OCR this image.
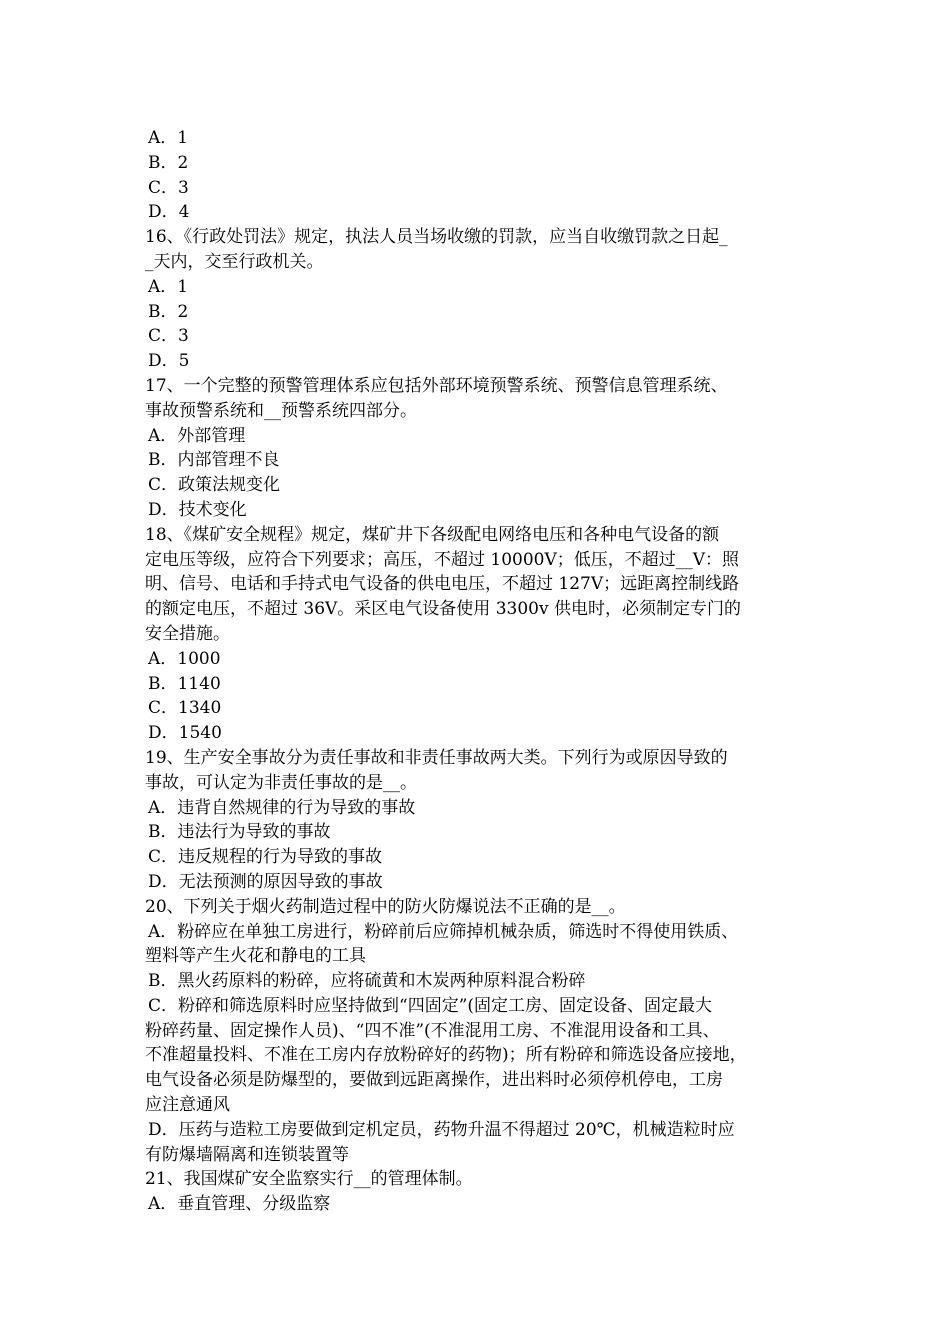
A．1
B．2
C．3
D．4
16、《行政处罚法》规定，执法人员当场收缴的罚款，应当自收缴罚款之日起_
_天内，交至行政机关。
A．1
B．2
C．3
D．5
17、一个完整的预警管理体系应包括外部环境预警系统、预警信息管理系统、
事故预警系统和__预警系统四部分。
A．外部管理
B．内部管理不良
C．政策法规变化
D．技术变化
18、《煤矿安全规程》规定，煤矿井下各级配电网络电压和各种电气设备的额
定电压等级，应符合下列要求；高压，不超过 10000V；低压，不超过__V：照
明、信号、电话和手持式电气设备的供电电压，不超过 127V；远距离控制线路
的额定电压，不超过 36V。采区电气设备使用 3300v 供电时，必须制定专门的
安全措施。
A．1000
B．1140
C．1340
D．1540
19、生产安全事故分为责任事故和非责任事故两大类。下列行为或原因导致的
事故，可认定为非责任事故的是__。
A．违背自然规律的行为导致的事故
B．违法行为导致的事故
C．违反规程的行为导致的事故
D．无法预测的原因导致的事故
20、下列关于烟火药制造过程中的防火防爆说法不正确的是__。
A．粉碎应在单独工房进行，粉碎前后应筛掉机械杂质，筛选时不得使用铁质、
塑料等产生火花和静电的工具
B．黑火药原料的粉碎，应将硫黄和木炭两种原料混合粉碎
C．粉碎和筛选原料时应坚持做到“四固定”(固定工房、固定设备、固定最大
粉碎药量、固定操作人员)、“四不准”(不准混用工房、不准混用设备和工具、
不准超量投料、不准在工房内存放粉碎好的药物)；所有粉碎和筛选设备应接地，
电气设备必须是防爆型的，要做到远距离操作，进出料时必须停机停电，工房
应注意通风
D．压药与造粒工房要做到定机定员，药物升温不得超过 20℃，机械造粒时应
有防爆墙隔离和连锁装置等
21、我国煤矿安全监察实行__的管理体制。
A．垂直管理、分级监察
